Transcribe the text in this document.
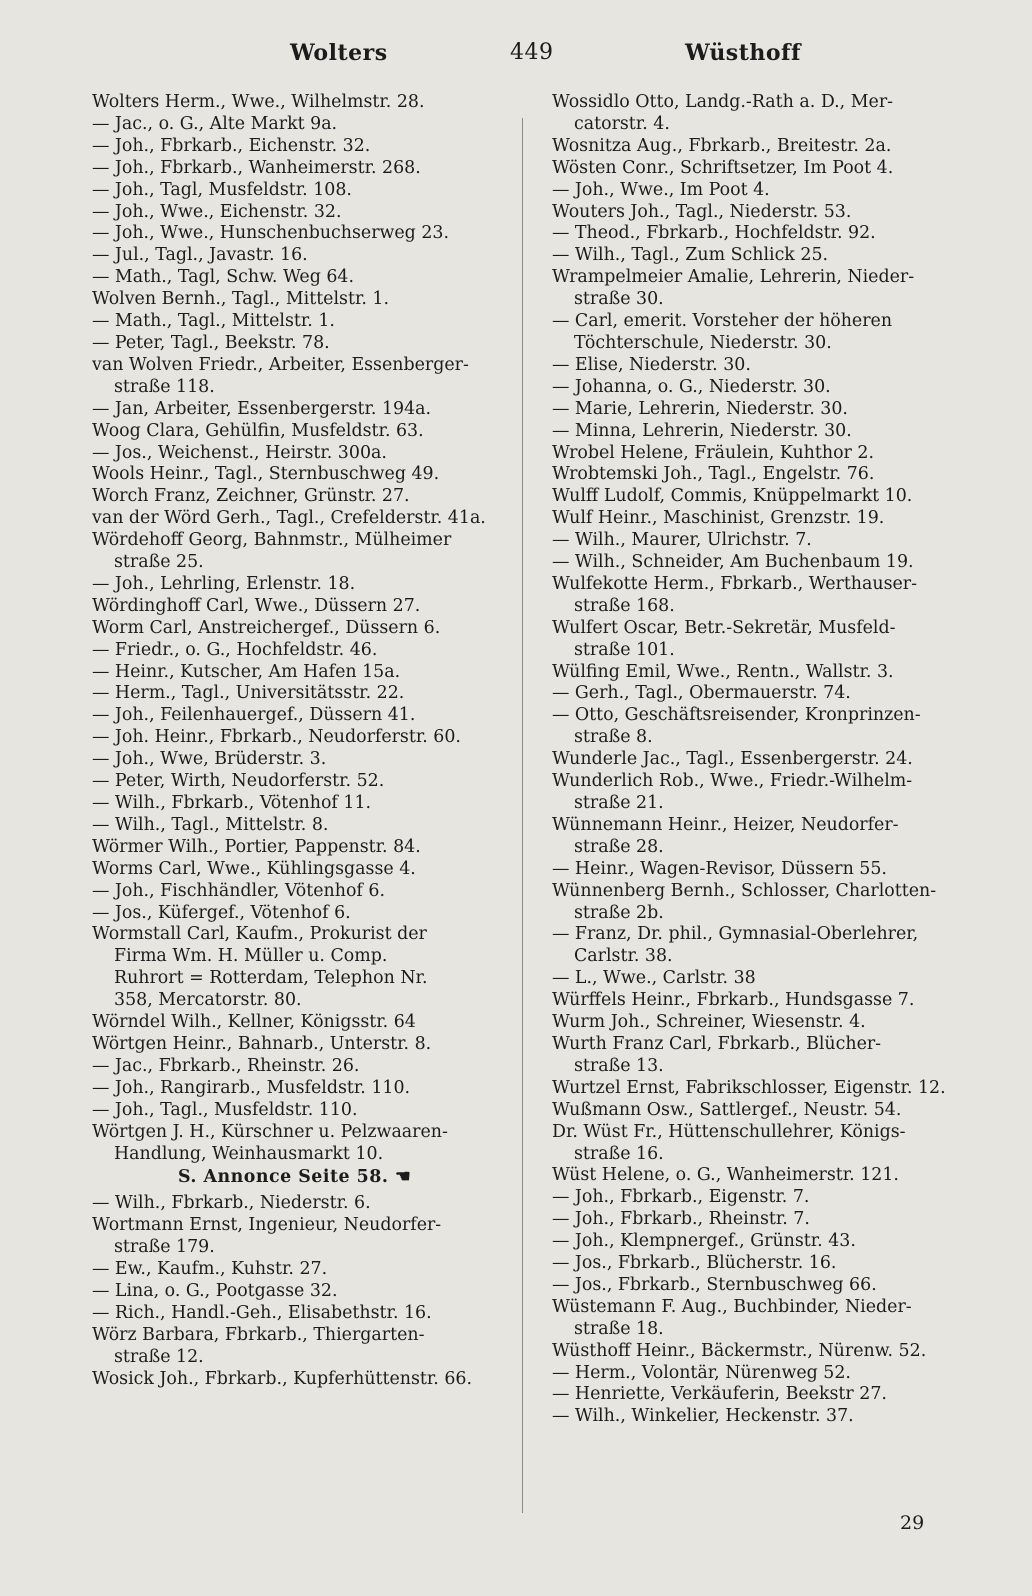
Wolters	449	Wüsthoff
Wolters Herm., Wwe., Wilhelmstr. 28.
— Jac., o. G., Alte Markt 9a.
— Joh., Fbrkarb., Eichenstr. 32.
— Joh., Fbrkarb., Wanheimerstr. 268.
— Joh., Tagl, Musfeldstr. 108.
— Joh., Wwe., Eichenstr. 32.
— Joh., Wwe., Hunschenbuchserweg 23.
— Jul., Tagl., Javastr. 16.
— Math., Tagl, Schw. Weg 64.
Wolven Bernh., Tagl., Mittelstr. 1.
— Math., Tagl., Mittelstr. 1.
— Peter, Tagl., Beekstr. 78.
van Wolven Friedr., Arbeiter, Essenberger-
straße 118.
— Jan, Arbeiter, Essenbergerstr. 194a.
Woog Clara, Gehülfin, Musfeldstr. 63.
— Jos., Weichenst., Heirstr. 300a.
Wools Heinr., Tagl., Sternbuschweg 49.
Worch Franz, Zeichner, Grünstr. 27.
van der Wörd Gerh., Tagl., Crefelderstr. 41a.
Wördehoff Georg, Bahnmstr., Mülheimer
straße 25.
— Joh., Lehrling, Erlenstr. 18.
Wördinghoff Carl, Wwe., Düssern 27.
Worm Carl, Anstreichergef., Düssern 6.
— Friedr., o. G., Hochfeldstr. 46.
— Heinr., Kutscher, Am Hafen 15a.
— Herm., Tagl., Universitätsstr. 22.
— Joh., Feilenhauergef., Düssern 41.
— Joh. Heinr., Fbrkarb., Neudorferstr. 60.
— Joh., Wwe, Brüderstr. 3.
— Peter, Wirth, Neudorferstr. 52.
— Wilh., Fbrkarb., Vötenhof 11.
— Wilh., Tagl., Mittelstr. 8.
Wörmer Wilh., Portier, Pappenstr. 84.
Worms Carl, Wwe., Kühlingsgasse 4.
— Joh., Fischhändler, Vötenhof 6.
— Jos., Küfergef., Vötenhof 6.
Wormstall Carl, Kaufm., Prokurist der
Firma Wm. H. Müller u. Comp.
Ruhrort = Rotterdam, Telephon Nr.
358, Mercatorstr. 80.
Wörndel Wilh., Kellner, Königsstr. 64
Wörtgen Heinr., Bahnarb., Unterstr. 8.
— Jac., Fbrkarb., Rheinstr. 26.
— Joh., Rangirarb., Musfeldstr. 110.
— Joh., Tagl., Musfeldstr. 110.
Wörtgen J. H., Kürschner u. Pelzwaaren-
Handlung, Weinhausmarkt 10.
S. Annonce Seite 58. ☚
— Wilh., Fbrkarb., Niederstr. 6.
Wortmann Ernst, Ingenieur, Neudorfer-
straße 179.
— Ew., Kaufm., Kuhstr. 27.
— Lina, o. G., Pootgasse 32.
— Rich., Handl.-Geh., Elisabethstr. 16.
Wörz Barbara, Fbrkarb., Thiergarten-
straße 12.
Wosick Joh., Fbrkarb., Kupferhüttenstr. 66.
Wossidlo Otto, Landg.-Rath a. D., Mer-
catorstr. 4.
Wosnitza Aug., Fbrkarb., Breitestr. 2a.
Wösten Conr., Schriftsetzer, Im Poot 4.
— Joh., Wwe., Im Poot 4.
Wouters Joh., Tagl., Niederstr. 53.
— Theod., Fbrkarb., Hochfeldstr. 92.
— Wilh., Tagl., Zum Schlick 25.
Wrampelmeier Amalie, Lehrerin, Nieder-
straße 30.
— Carl, emerit. Vorsteher der höheren
Töchterschule, Niederstr. 30.
— Elise, Niederstr. 30.
— Johanna, o. G., Niederstr. 30.
— Marie, Lehrerin, Niederstr. 30.
— Minna, Lehrerin, Niederstr. 30.
Wrobel Helene, Fräulein, Kuhthor 2.
Wrobtemski Joh., Tagl., Engelstr. 76.
Wulff Ludolf, Commis, Knüppelmarkt 10.
Wulf Heinr., Maschinist, Grenzstr. 19.
— Wilh., Maurer, Ulrichstr. 7.
— Wilh., Schneider, Am Buchenbaum 19.
Wulfekotte Herm., Fbrkarb., Werthauser-
straße 168.
Wulfert Oscar, Betr.-Sekretär, Musfeld-
straße 101.
Wülfing Emil, Wwe., Rentn., Wallstr. 3.
— Gerh., Tagl., Obermauerstr. 74.
— Otto, Geschäftsreisender, Kronprinzen-
straße 8.
Wunderle Jac., Tagl., Essenbergerstr. 24.
Wunderlich Rob., Wwe., Friedr.-Wilhelm-
straße 21.
Wünnemann Heinr., Heizer, Neudorfer-
straße 28.
— Heinr., Wagen-Revisor, Düssern 55.
Wünnenberg Bernh., Schlosser, Charlotten-
straße 2b.
— Franz, Dr. phil., Gymnasial-Oberlehrer,
Carlstr. 38.
— L., Wwe., Carlstr. 38
Würffels Heinr., Fbrkarb., Hundsgasse 7.
Wurm Joh., Schreiner, Wiesenstr. 4.
Wurth Franz Carl, Fbrkarb., Blücher-
straße 13.
Wurtzel Ernst, Fabrikschlosser, Eigenstr. 12.
Wußmann Osw., Sattlergef., Neustr. 54.
Dr. Wüst Fr., Hüttenschullehrer, Königs-
straße 16.
Wüst Helene, o. G., Wanheimerstr. 121.
— Joh., Fbrkarb., Eigenstr. 7.
— Joh., Fbrkarb., Rheinstr. 7.
— Joh., Klempnergef., Grünstr. 43.
— Jos., Fbrkarb., Blücherstr. 16.
— Jos., Fbrkarb., Sternbuschweg 66.
Wüstemann F. Aug., Buchbinder, Nieder-
straße 18.
Wüsthoff Heinr., Bäckermstr., Nürenw. 52.
— Herm., Volontär, Nürenweg 52.
— Henriette, Verkäuferin, Beekstr 27.
— Wilh., Winkelier, Heckenstr. 37.
29
